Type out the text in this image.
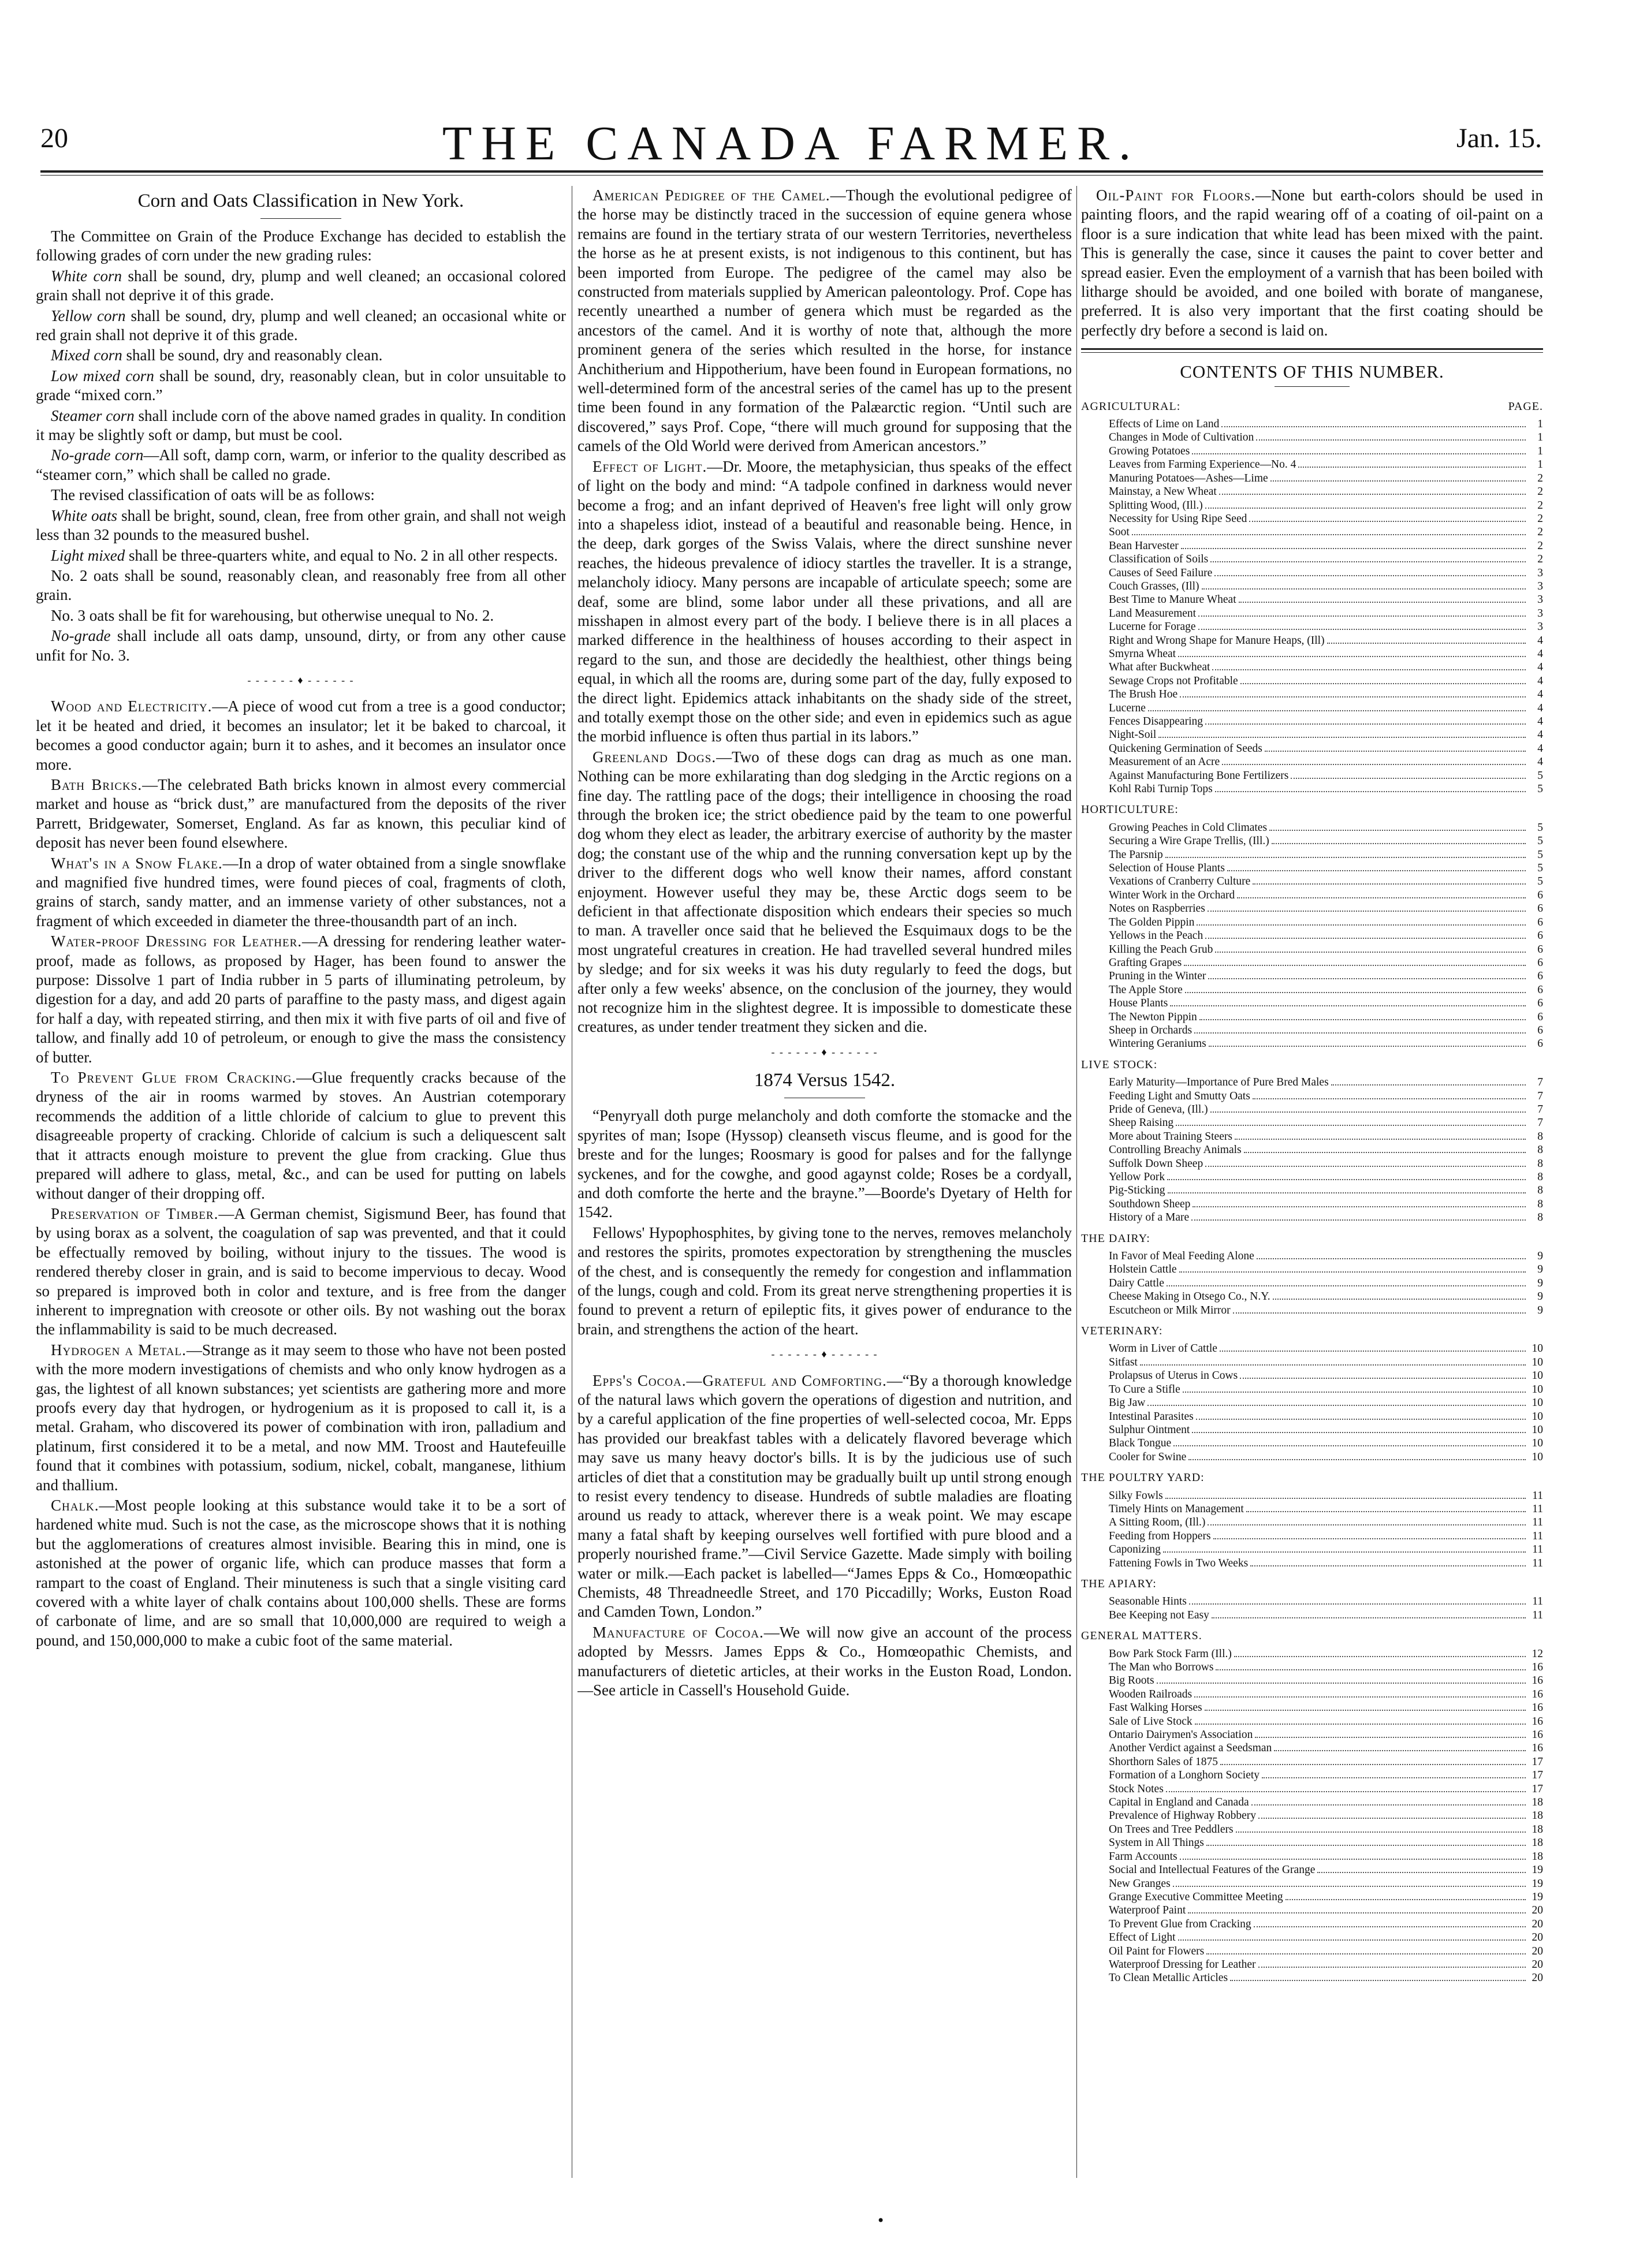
20	THE CANADA FARMER.	Jan. 15.
Corn and Oats Classification in New York.

The Committee on Grain of the Produce Exchange has decided to establish the following grades of corn under the new grading rules:

White corn shall be sound, dry, plump and well cleaned; an occasional colored grain shall not deprive it of this grade.

Yellow corn shall be sound, dry, plump and well cleaned; an occasional white or red grain shall not deprive it of this grade.

Mixed corn shall be sound, dry and reasonably clean.

Low mixed corn shall be sound, dry, reasonably clean, but in color unsuitable to grade “mixed corn.”

Steamer corn shall include corn of the above named grades in quality. In condition it may be slightly soft or damp, but must be cool.

No-grade corn—All soft, damp corn, warm, or inferior to the quality described as “steamer corn,” which shall be called no grade.

The revised classification of oats will be as follows:

White oats shall be bright, sound, clean, free from other grain, and shall not weigh less than 32 pounds to the measured bushel.

Light mixed shall be three-quarters white, and equal to No. 2 in all other respects.

No. 2 oats shall be sound, reasonably clean, and reasonably free from all other grain.

No. 3 oats shall be fit for warehousing, but otherwise unequal to No. 2.

No-grade shall include all oats damp, unsound, dirty, or from any other cause unfit for No. 3.

- - - - - - ♦ - - - - - -

Wood and Electricity.—A piece of wood cut from a tree is a good conductor; let it be heated and dried, it becomes an insulator; let it be baked to charcoal, it becomes a good conductor again; burn it to ashes, and it becomes an insulator once more.

Bath Bricks.—The celebrated Bath bricks known in almost every commercial market and house as “brick dust,” are manufactured from the deposits of the river Parrett, Bridgewater, Somerset, England. As far as known, this peculiar kind of deposit has never been found elsewhere.

What's in a Snow Flake.—In a drop of water obtained from a single snowflake and magnified five hundred times, were found pieces of coal, fragments of cloth, grains of starch, sandy matter, and an immense variety of other substances, not a fragment of which exceeded in diameter the three-thousandth part of an inch.

Water-proof Dressing for Leather.—A dressing for rendering leather water-proof, made as follows, as proposed by Hager, has been found to answer the purpose: Dissolve 1 part of India rubber in 5 parts of illuminating petroleum, by digestion for a day, and add 20 parts of paraffine to the pasty mass, and digest again for half a day, with repeated stirring, and then mix it with five parts of oil and five of tallow, and finally add 10 of petroleum, or enough to give the mass the consistency of butter.

To Prevent Glue from Cracking.—Glue frequently cracks because of the dryness of the air in rooms warmed by stoves. An Austrian cotemporary recommends the addition of a little chloride of calcium to glue to prevent this disagreeable property of cracking. Chloride of calcium is such a deliquescent salt that it attracts enough moisture to prevent the glue from cracking. Glue thus prepared will adhere to glass, metal, &c., and can be used for putting on labels without danger of their dropping off.

Preservation of Timber.—A German chemist, Sigismund Beer, has found that by using borax as a solvent, the coagulation of sap was prevented, and that it could be effectually removed by boiling, without injury to the tissues. The wood is rendered thereby closer in grain, and is said to become impervious to decay. Wood so prepared is improved both in color and texture, and is free from the danger inherent to impregnation with creosote or other oils. By not washing out the borax the inflammability is said to be much decreased.

Hydrogen a Metal.—Strange as it may seem to those who have not been posted with the more modern investigations of chemists and who only know hydrogen as a gas, the lightest of all known substances; yet scientists are gathering more and more proofs every day that hydrogen, or hydrogenium as it is proposed to call it, is a metal. Graham, who discovered its power of combination with iron, palladium and platinum, first considered it to be a metal, and now MM. Troost and Hautefeuille found that it combines with potassium, sodium, nickel, cobalt, manganese, lithium and thallium.

Chalk.—Most people looking at this substance would take it to be a sort of hardened white mud. Such is not the case, as the microscope shows that it is nothing but the agglomerations of creatures almost invisible. Bearing this in mind, one is astonished at the power of organic life, which can produce masses that form a rampart to the coast of England. Their minuteness is such that a single visiting card covered with a white layer of chalk contains about 100,000 shells. These are forms of carbonate of lime, and are so small that 10,000,000 are required to weigh a pound, and 150,000,000 to make a cubic foot of the same material.

American Pedigree of the Camel.—Though the evolutional pedigree of the horse may be distinctly traced in the succession of equine genera whose remains are found in the tertiary strata of our western Territories, nevertheless the horse as he at present exists, is not indigenous to this continent, but has been imported from Europe. The pedigree of the camel may also be constructed from materials supplied by American paleontology. Prof. Cope has recently unearthed a number of genera which must be regarded as the ancestors of the camel. And it is worthy of note that, although the more prominent genera of the series which resulted in the horse, for instance Anchitherium and Hippotherium, have been found in European formations, no well-determined form of the ancestral series of the camel has up to the present time been found in any formation of the Palæarctic region. “Until such are discovered,” says Prof. Cope, “there will much ground for supposing that the camels of the Old World were derived from American ancestors.”

Effect of Light.—Dr. Moore, the metaphysician, thus speaks of the effect of light on the body and mind: “A tadpole confined in darkness would never become a frog; and an infant deprived of Heaven's free light will only grow into a shapeless idiot, instead of a beautiful and reasonable being. Hence, in the deep, dark gorges of the Swiss Valais, where the direct sunshine never reaches, the hideous prevalence of idiocy startles the traveller. It is a strange, melancholy idiocy. Many persons are incapable of articulate speech; some are deaf, some are blind, some labor under all these privations, and all are misshapen in almost every part of the body. I believe there is in all places a marked difference in the healthiness of houses according to their aspect in regard to the sun, and those are decidedly the healthiest, other things being equal, in which all the rooms are, during some part of the day, fully exposed to the direct light. Epidemics attack inhabitants on the shady side of the street, and totally exempt those on the other side; and even in epidemics such as ague the morbid influence is often thus partial in its labors.”

Greenland Dogs.—Two of these dogs can drag as much as one man. Nothing can be more exhilarating than dog sledging in the Arctic regions on a fine day. The rattling pace of the dogs; their intelligence in choosing the road through the broken ice; the strict obedience paid by the team to one powerful dog whom they elect as leader, the arbitrary exercise of authority by the master dog; the constant use of the whip and the running conversation kept up by the driver to the different dogs who well know their names, afford constant enjoyment. However useful they may be, these Arctic dogs seem to be deficient in that affectionate disposition which endears their species so much to man. A traveller once said that he believed the Esquimaux dogs to be the most ungrateful creatures in creation. He had travelled several hundred miles by sledge; and for six weeks it was his duty regularly to feed the dogs, but after only a few weeks' absence, on the conclusion of the journey, they would not recognize him in the slightest degree. It is impossible to domesticate these creatures, as under tender treatment they sicken and die.

- - - - - - ♦ - - - - - -
1874 Versus 1542.

“Penyryall doth purge melancholy and doth comforte the stomacke and the spyrites of man; Isope (Hyssop) cleanseth viscus fleume, and is good for the breste and for the lunges; Roosmary is good for palses and for the fallynge syckenes, and for the cowghe, and good agaynst colde; Roses be a cordyall, and doth comforte the herte and the brayne.”—Boorde's Dyetary of Helth for 1542.

Fellows' Hypophosphites, by giving tone to the nerves, removes melancholy and restores the spirits, promotes expectoration by strengthening the muscles of the chest, and is consequently the remedy for congestion and inflammation of the lungs, cough and cold. From its great nerve strengthening properties it is found to prevent a return of epileptic fits, it gives power of endurance to the brain, and strengthens the action of the heart.

- - - - - - ♦ - - - - - -

Epps's Cocoa.—Grateful and Comforting.—“By a thorough knowledge of the natural laws which govern the operations of digestion and nutrition, and by a careful application of the fine properties of well-selected cocoa, Mr. Epps has provided our breakfast tables with a delicately flavored beverage which may save us many heavy doctor's bills. It is by the judicious use of such articles of diet that a constitution may be gradually built up until strong enough to resist every tendency to disease. Hundreds of subtle maladies are floating around us ready to attack, wherever there is a weak point. We may escape many a fatal shaft by keeping ourselves well fortified with pure blood and a properly nourished frame.”—Civil Service Gazette. Made simply with boiling water or milk.—Each packet is labelled—“James Epps & Co., Homœopathic Chemists, 48 Threadneedle Street, and 170 Piccadilly; Works, Euston Road and Camden Town, London.”

Manufacture of Cocoa.—We will now give an account of the process adopted by Messrs. James Epps & Co., Homœopathic Chemists, and manufacturers of dietetic articles, at their works in the Euston Road, London.—See article in Cassell's Household Guide.

Oil-Paint for Floors.—None but earth-colors should be used in painting floors, and the rapid wearing off of a coating of oil-paint on a floor is a sure indication that white lead has been mixed with the paint. This is generally the case, since it causes the paint to cover better and spread easier. Even the employment of a varnish that has been boiled with litharge should be avoided, and one boiled with borate of manganese, preferred. It is also very important that the first coating should be perfectly dry before a second is laid on.

CONTENTS OF THIS NUMBER.
AGRICULTURAL:	PAGE.
Effects of Lime on Land	1
Changes in Mode of Cultivation	1
Growing Potatoes	1
Leaves from Farming Experience—No. 4	1
Manuring Potatoes—Ashes—Lime	2
Mainstay, a New Wheat	2
Splitting Wood, (Ill.)	2
Necessity for Using Ripe Seed	2
Soot	2
Bean Harvester	2
Classification of Soils	2
Causes of Seed Failure	3
Couch Grasses, (Ill)	3
Best Time to Manure Wheat	3
Land Measurement	3
Lucerne for Forage	3
Right and Wrong Shape for Manure Heaps, (Ill)	4
Smyrna Wheat	4
What after Buckwheat	4
Sewage Crops not Profitable	4
The Brush Hoe	4
Lucerne	4
Fences Disappearing	4
Night-Soil	4
Quickening Germination of Seeds	4
Measurement of an Acre	4
Against Manufacturing Bone Fertilizers	5
Kohl Rabi Turnip Tops	5
HORTICULTURE:
Growing Peaches in Cold Climates	5
Securing a Wire Grape Trellis, (Ill.)	5
The Parsnip	5
Selection of House Plants	5
Vexations of Cranberry Culture	5
Winter Work in the Orchard	6
Notes on Raspberries	6
The Golden Pippin	6
Yellows in the Peach	6
Killing the Peach Grub	6
Grafting Grapes	6
Pruning in the Winter	6
The Apple Store	6
House Plants	6
The Newton Pippin	6
Sheep in Orchards	6
Wintering Geraniums	6
LIVE STOCK:
Early Maturity—Importance of Pure Bred Males	7
Feeding Light and Smutty Oats	7
Pride of Geneva, (Ill.)	7
Sheep Raising	7
More about Training Steers	8
Controlling Breachy Animals	8
Suffolk Down Sheep	8
Yellow Pork	8
Pig-Sticking	8
Southdown Sheep	8
History of a Mare	8
THE DAIRY:
In Favor of Meal Feeding Alone	9
Holstein Cattle	9
Dairy Cattle	9
Cheese Making in Otsego Co., N.Y.	9
Escutcheon or Milk Mirror	9
VETERINARY:
Worm in Liver of Cattle	10
Sitfast	10
Prolapsus of Uterus in Cows	10
To Cure a Stifle	10
Big Jaw	10
Intestinal Parasites	10
Sulphur Ointment	10
Black Tongue	10
Cooler for Swine	10
THE POULTRY YARD:
Silky Fowls	11
Timely Hints on Management	11
A Sitting Room, (Ill.)	11
Feeding from Hoppers	11
Caponizing	11
Fattening Fowls in Two Weeks	11
THE APIARY:
Seasonable Hints	11
Bee Keeping not Easy	11
GENERAL MATTERS.
Bow Park Stock Farm (Ill.)	12
The Man who Borrows	16
Big Roots	16
Wooden Railroads	16
Fast Walking Horses	16
Sale of Live Stock	16
Ontario Dairymen's Association	16
Another Verdict against a Seedsman	16
Shorthorn Sales of 1875	17
Formation of a Longhorn Society	17
Stock Notes	17
Capital in England and Canada	18
Prevalence of Highway Robbery	18
On Trees and Tree Peddlers	18
System in All Things	18
Farm Accounts	18
Social and Intellectual Features of the Grange	19
New Granges	19
Grange Executive Committee Meeting	19
Waterproof Paint	20
To Prevent Glue from Cracking	20
Effect of Light	20
Oil Paint for Flowers	20
Waterproof Dressing for Leather	20
To Clean Metallic Articles	20
•
